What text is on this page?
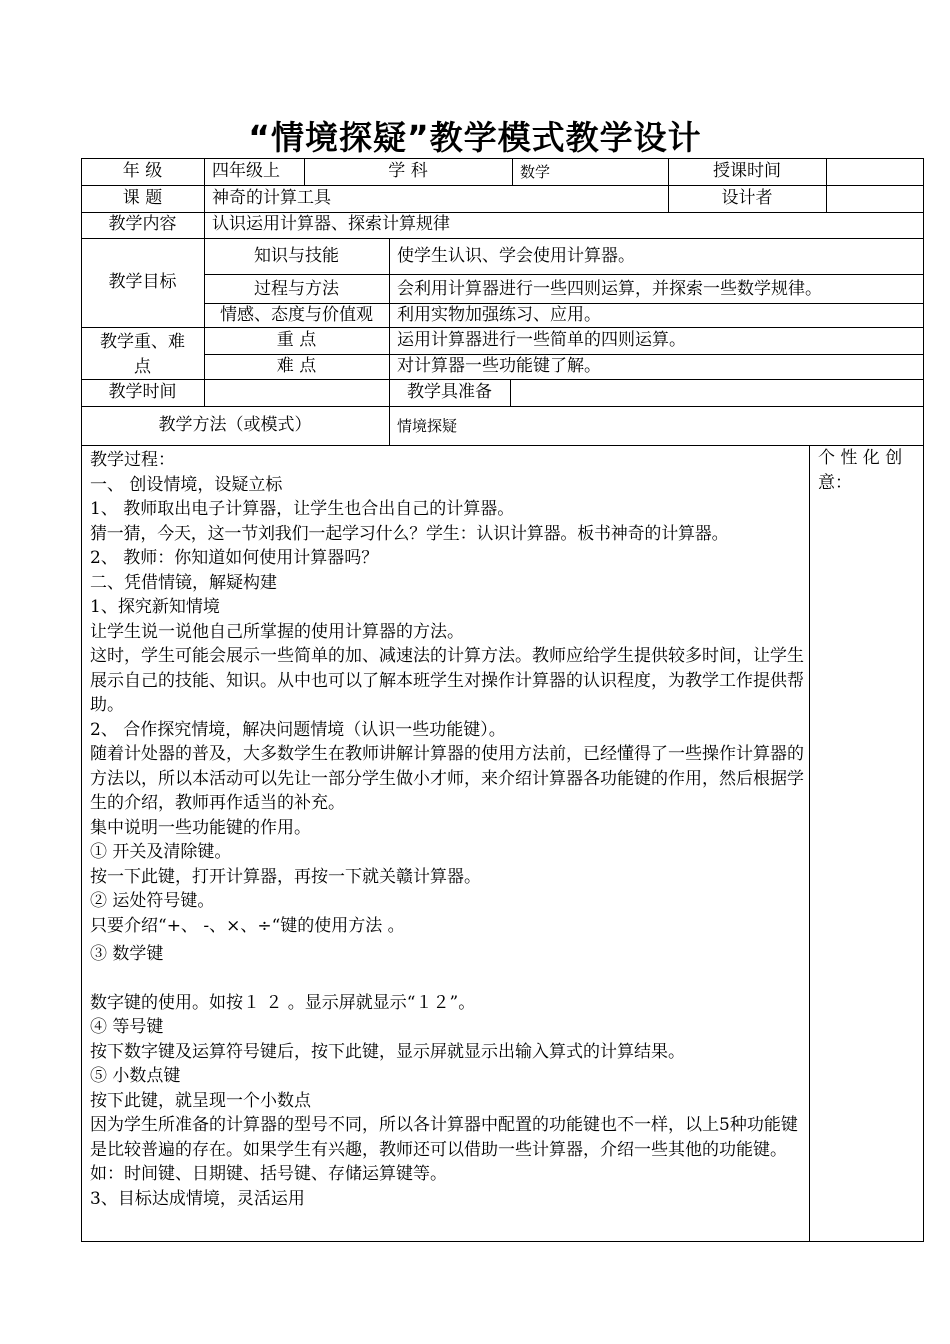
“情境探疑”教学模式教学设计
年 级	四年级上	学 科	数学	授课时间
课 题	神奇的计算工具	设计者
教学内容	认识运用计算器、探索计算规律
教学目标
知识与技能	使学生认识、学会使用计算器。
过程与方法	会利用计算器进行一些四则运算，并探索一些数学规律。
情感、态度与价值观	利用实物加强练习、应用。
教学重、难
点
重 点	运用计算器进行一些简单的四则运算。
难 点	对计算器一些功能键了解。
教学时间	教学具准备
教学方法（或模式）	情境探疑

教学过程：

一、 创设情境，设疑立标

1、 教师取出电子计算器，让学生也合出自己的计算器。

猜一猜，今天，这一节刘我们一起学习什么？学生：认识计算器。板书神奇的计算器。

2、 教师：你知道如何使用计算器吗？

二、凭借情镜，解疑构建

1、探究新知情境

让学生说一说他自己所掌握的使用计算器的方法。

这时，学生可能会展示一些简单的加、减速法的计算方法。教师应给学生提供较多时间，让学生展示自己的技能、知识。从中也可以了解本班学生对操作计算器的认识程度，为教学工作提供帮助。

2、 合作探究情境，解决问题情境（认识一些功能键）。

随着计处器的普及，大多数学生在教师讲解计算器的使用方法前，已经懂得了一些操作计算器的方法以，所以本活动可以先让一部分学生做小才师，来介绍计算器各功能键的作用，然后根据学生的介绍，教师再作适当的补充。

集中说明一些功能键的作用。

① 开关及清除键。

按一下此键，打开计算器，再按一下就关赣计算器。

② 运处符号键。

只要介绍“+、 -、×、÷“键的使用方法 。

③ 数学键

数字键的使用。如按１ ２ 。显示屏就显示“１２”。

④ 等号键

按下数字键及运算符号键后，按下此键，显示屏就显示出输入算式的计算结果。

⑤ 小数点键

按下此键，就呈现一个小数点

因为学生所准备的计算器的型号不同，所以各计算器中配置的功能键也不一样，以上5种功能键是比较普遍的存在。如果学生有兴趣，教师还可以借助一些计算器，介绍一些其他的功能键。

如：时间键、日期键、括号键、存储运算键等。

3、目标达成情境，灵活运用

个 性 化 创 意：
